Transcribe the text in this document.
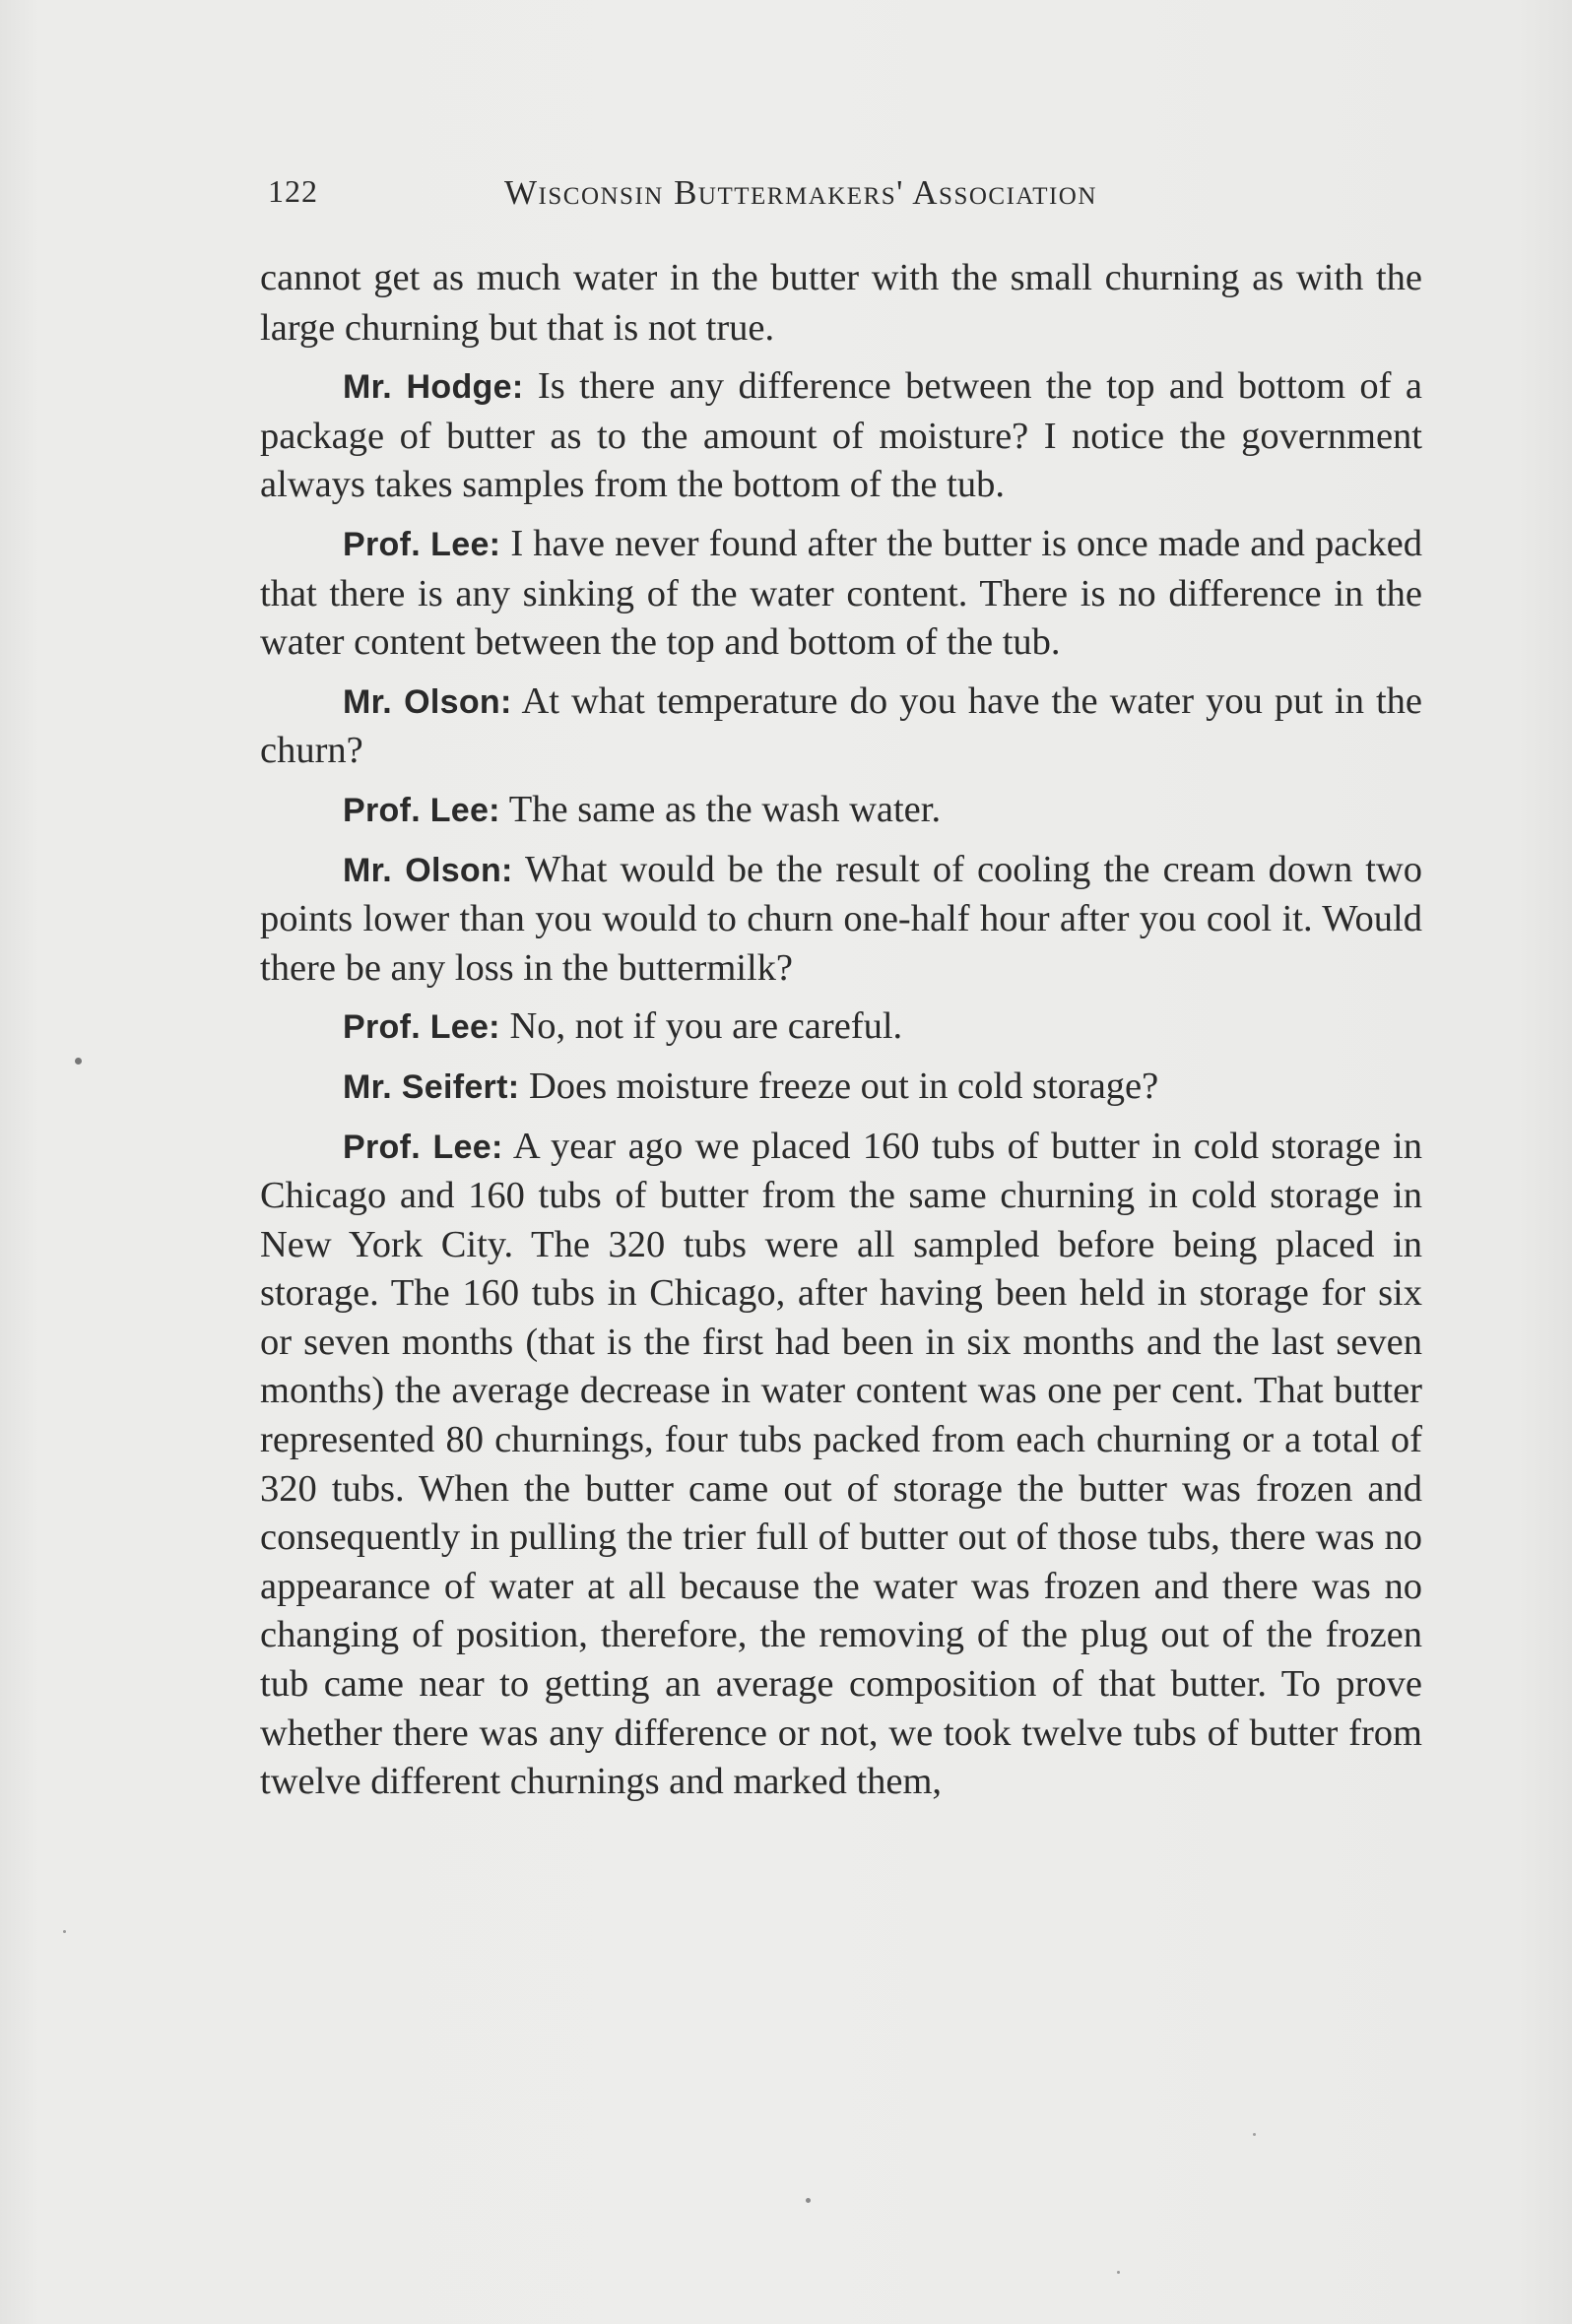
122	Wisconsin Buttermakers' Association

cannot get as much water in the butter with the small churning as with the large churning but that is not true.

Mr. Hodge: Is there any difference between the top and bottom of a package of butter as to the amount of moisture? I notice the government always takes samples from the bottom of the tub.

Prof. Lee: I have never found after the butter is once made and packed that there is any sinking of the water content. There is no difference in the water content between the top and bottom of the tub.

Mr. Olson: At what temperature do you have the water you put in the churn?

Prof. Lee: The same as the wash water.

Mr. Olson: What would be the result of cooling the cream down two points lower than you would to churn one-half hour after you cool it. Would there be any loss in the buttermilk?

Prof. Lee: No, not if you are careful.

Mr. Seifert: Does moisture freeze out in cold storage?

Prof. Lee: A year ago we placed 160 tubs of butter in cold storage in Chicago and 160 tubs of butter from the same churning in cold storage in New York City. The 320 tubs were all sampled before being placed in storage. The 160 tubs in Chicago, after having been held in storage for six or seven months (that is the first had been in six months and the last seven months) the average decrease in water content was one per cent. That butter represented 80 churnings, four tubs packed from each churning or a total of 320 tubs. When the butter came out of storage the butter was frozen and consequently in pulling the trier full of butter out of those tubs, there was no appearance of water at all because the water was frozen and there was no changing of position, therefore, the removing of the plug out of the frozen tub came near to getting an average composition of that butter. To prove whether there was any difference or not, we took twelve tubs of butter from twelve different churnings and marked them,
